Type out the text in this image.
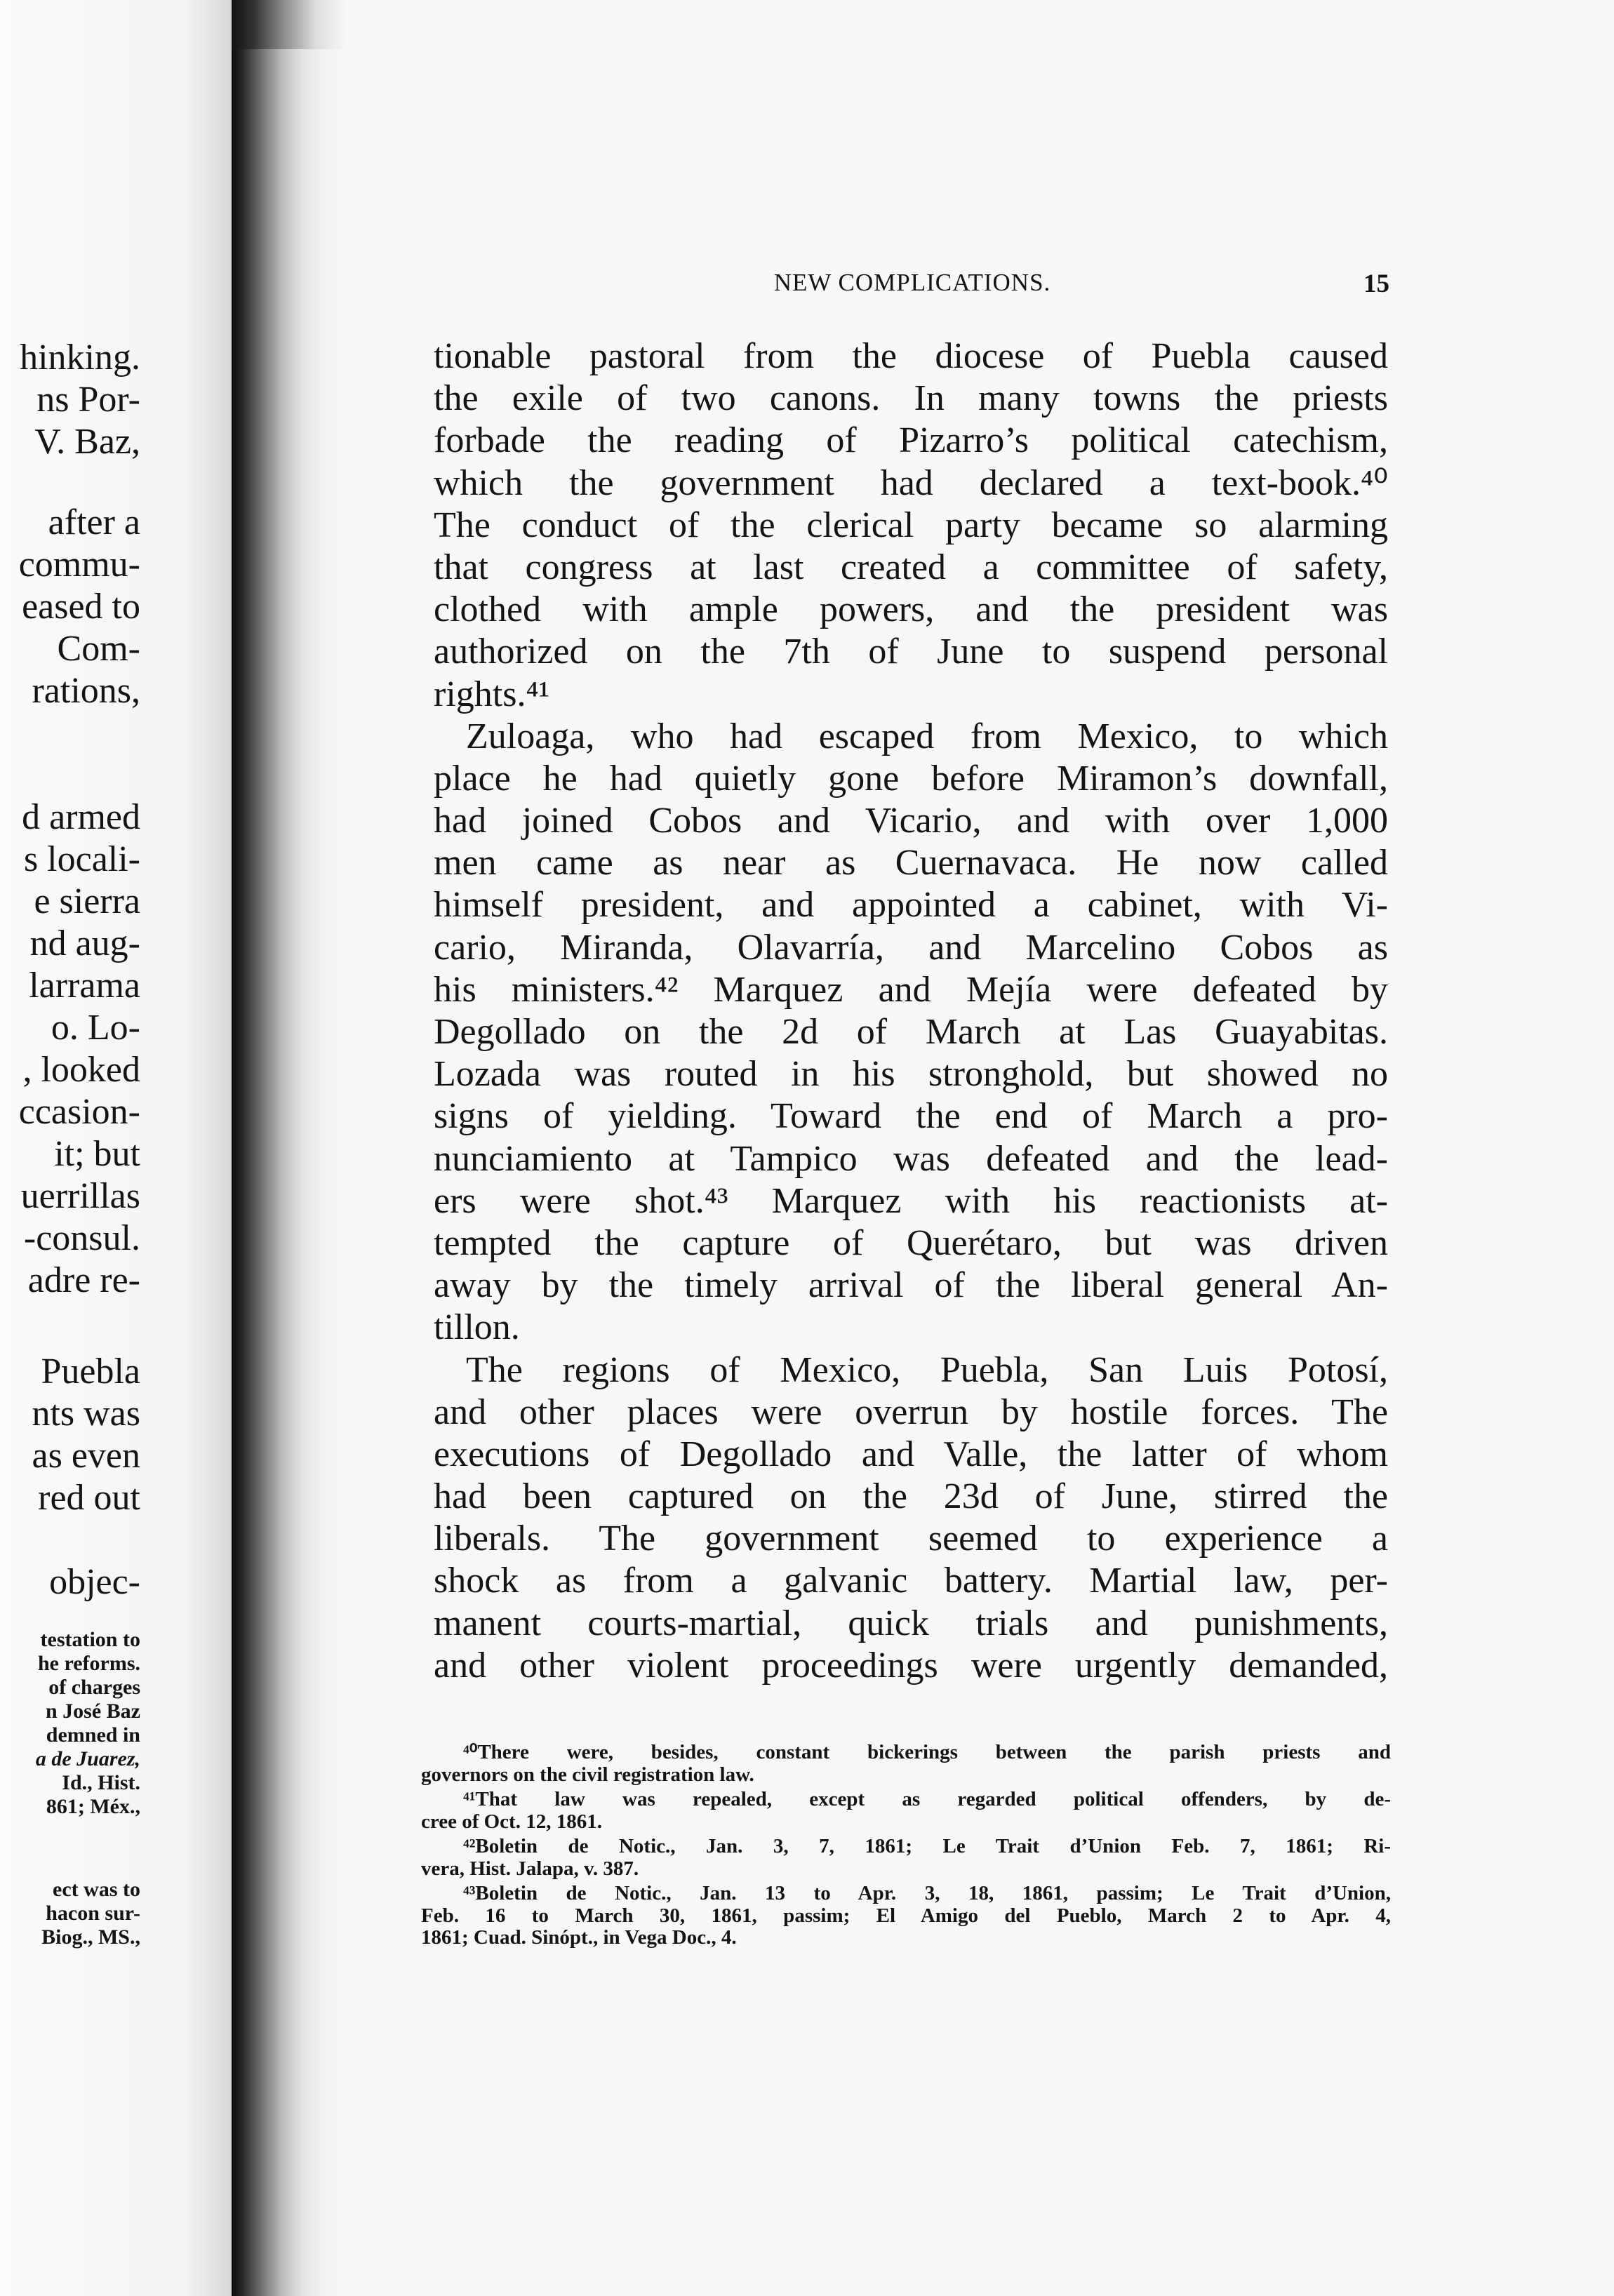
hinking.
ns Por-
V. Baz,
after a
commu-
eased to
Com-
rations,
d armed
s locali-
e sierra
nd aug-
larrama
o. Lo-
, looked
ccasion-
it; but
uerrillas
-consul.
adre re-
Puebla
nts was
as even
red out
objec-
testation to
he reforms.
of charges
n José Baz
demned in
a de Juarez,
Id., Hist.
861; Méx.,
ect was to
hacon sur-
Biog., MS.,
NEW COMPLICATIONS.	15
tionable pastoral from the diocese of Puebla caused
the exile of two canons. In many towns the priests
forbade the reading of Pizarro’s political catechism,
which the government had declared a text-book.⁴⁰
The conduct of the clerical party became so alarming
that congress at last created a committee of safety,
clothed with ample powers, and the president was
authorized on the 7th of June to suspend personal
rights.⁴¹
Zuloaga, who had escaped from Mexico, to which
place he had quietly gone before Miramon’s downfall,
had joined Cobos and Vicario, and with over 1,000
men came as near as Cuernavaca. He now called
himself president, and appointed a cabinet, with Vi-
cario, Miranda, Olavarría, and Marcelino Cobos as
his ministers.⁴² Marquez and Mejía were defeated by
Degollado on the 2d of March at Las Guayabitas.
Lozada was routed in his stronghold, but showed no
signs of yielding. Toward the end of March a pro-
nunciamiento at Tampico was defeated and the lead-
ers were shot.⁴³ Marquez with his reactionists at-
tempted the capture of Querétaro, but was driven
away by the timely arrival of the liberal general An-
tillon.
The regions of Mexico, Puebla, San Luis Potosí,
and other places were overrun by hostile forces. The
executions of Degollado and Valle, the latter of whom
had been captured on the 23d of June, stirred the
liberals. The government seemed to experience a
shock as from a galvanic battery. Martial law, per-
manent courts-martial, quick trials and punishments,
and other violent proceedings were urgently demanded,
⁴⁰There were, besides, constant bickerings between the parish priests and
governors on the civil registration law.
⁴¹That law was repealed, except as regarded political offenders, by de-
cree of Oct. 12, 1861.
⁴²Boletin de Notic., Jan. 3, 7, 1861; Le Trait d’Union Feb. 7, 1861; Ri-
vera, Hist. Jalapa, v. 387.
⁴³Boletin de Notic., Jan. 13 to Apr. 3, 18, 1861, passim; Le Trait d’Union,
Feb. 16 to March 30, 1861, passim; El Amigo del Pueblo, March 2 to Apr. 4,
1861; Cuad. Sinópt., in Vega Doc., 4.
